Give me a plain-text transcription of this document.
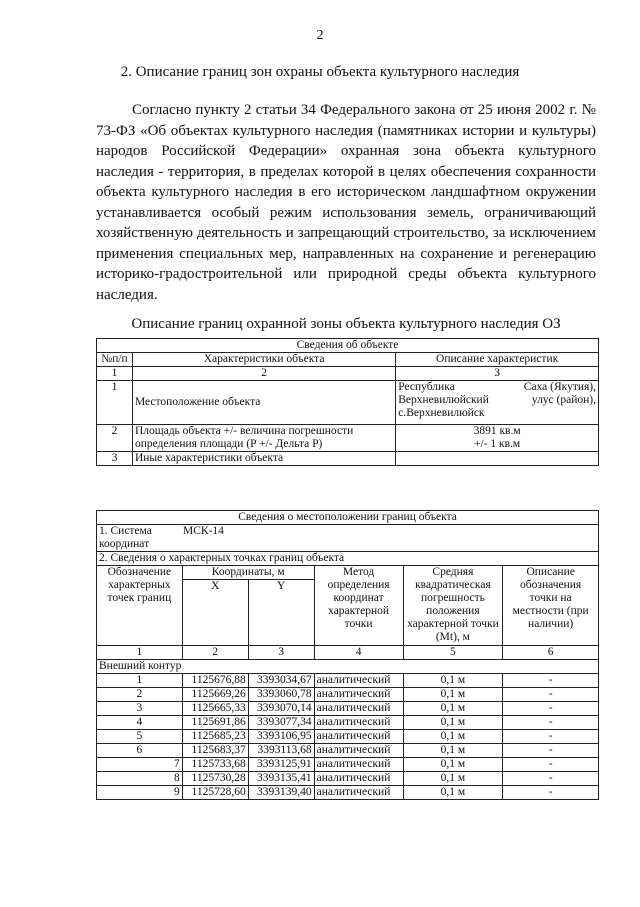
2
2. Описание границ зон охраны объекта культурного наследия
Согласно пункту 2 статьи 34 Федерального закона от 25 июня 2002 г. № 73-ФЗ «Об объектах культурного наследия (памятниках истории и культуры) народов Российской Федерации» охранная зона объекта культурного наследия - территория, в пределах которой в целях обеспечения сохранности объекта культурного наследия в его историческом ландшафтном окружении устанавливается особый режим использования земель, ограничивающий хозяйственную деятельность и запрещающий строительство, за исключением применения специальных мер, направленных на сохранение и регенерацию историко-градостроительной или природной среды объекта культурного наследия.
Описание границ охранной зоны объекта культурного наследия ОЗ
Сведения об объекте		
№п/п	Характеристики объекта	Описание характеристик
1	2	3
1	Местоположение объекта	Республика Саха (Якутия),
Верхневилюйский улус (район),
с.Верхневилюйск

2	Площадь объекта +/- величина погрешности определения площади (P +/- Дельта P)	3891 кв.м
+/- 1 кв.м

3	Иные характеристики объекта	
Сведения о местоположении границ объекта					

1. Система координат
МСК-14					

2. Сведения о характерных точках границ объекта					
Обозначение характерных точек границ	Координаты, м		Метод определения координат характерной точки	Средняя квадратическая погрешность положения характерной точки (Mt), м	Описание обозначения точки на местности (при наличии)
	X	Y			
1	2	3	4	5	6
Внешний контур					
1	1125676,88	3393034,67	аналитический	0,1 м	-
2	1125669,26	3393060,78	аналитический	0,1 м	-
3	1125665,33	3393070,14	аналитический	0,1 м	-
4	1125691,86	3393077,34	аналитический	0,1 м	-
5	1125685,23	3393106,95	аналитический	0,1 м	-
6	1125683,37	3393113,68	аналитический	0,1 м	-
7	1125733,68	3393125,91	аналитический	0,1 м	-
8	1125730,28	3393135,41	аналитический	0,1 м	-
9	1125728,60	3393139,40	аналитический	0,1 м	-
